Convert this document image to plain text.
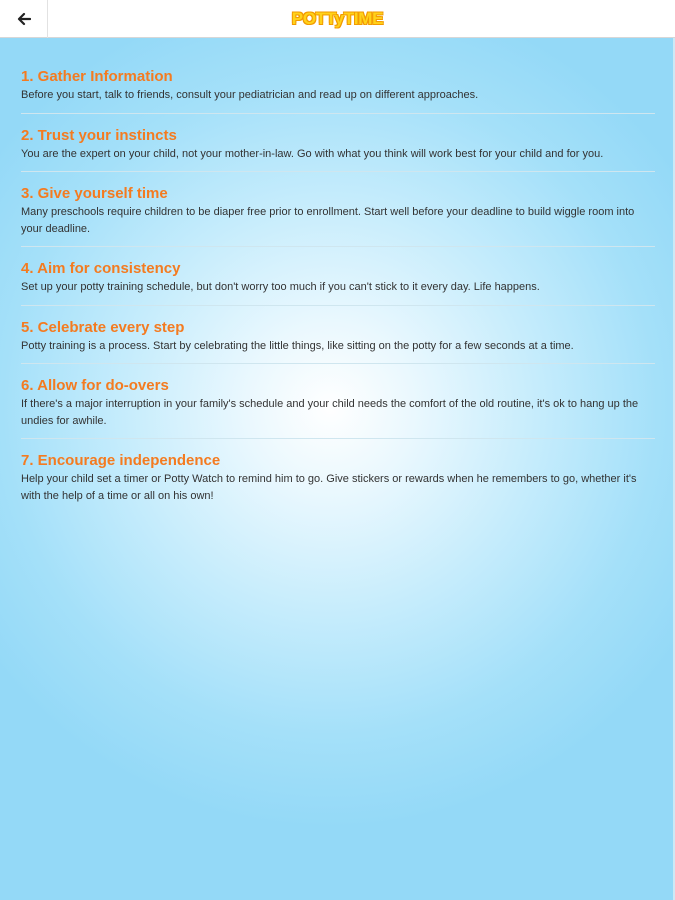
POTTyTIME

1. Gather Information

Before you start, talk to friends, consult your pediatrician and read up on different approaches.

2. Trust your instincts

You are the expert on your child, not your mother-in-law. Go with what you think will work best for your child and for you.

3. Give yourself time

Many preschools require children to be diaper free prior to enrollment. Start well before your deadline to build wiggle room into your deadline.

4. Aim for consistency

Set up your potty training schedule, but don't worry too much if you can't stick to it every day. Life happens.

5. Celebrate every step

Potty training is a process. Start by celebrating the little things, like sitting on the potty for a few seconds at a time.

6. Allow for do-overs

If there's a major interruption in your family's schedule and your child needs the comfort of the old routine, it's ok to hang up the undies for awhile.

7. Encourage independence

Help your child set a timer or Potty Watch to remind him to go. Give stickers or rewards when he remembers to go, whether it's with the help of a time or all on his own!
